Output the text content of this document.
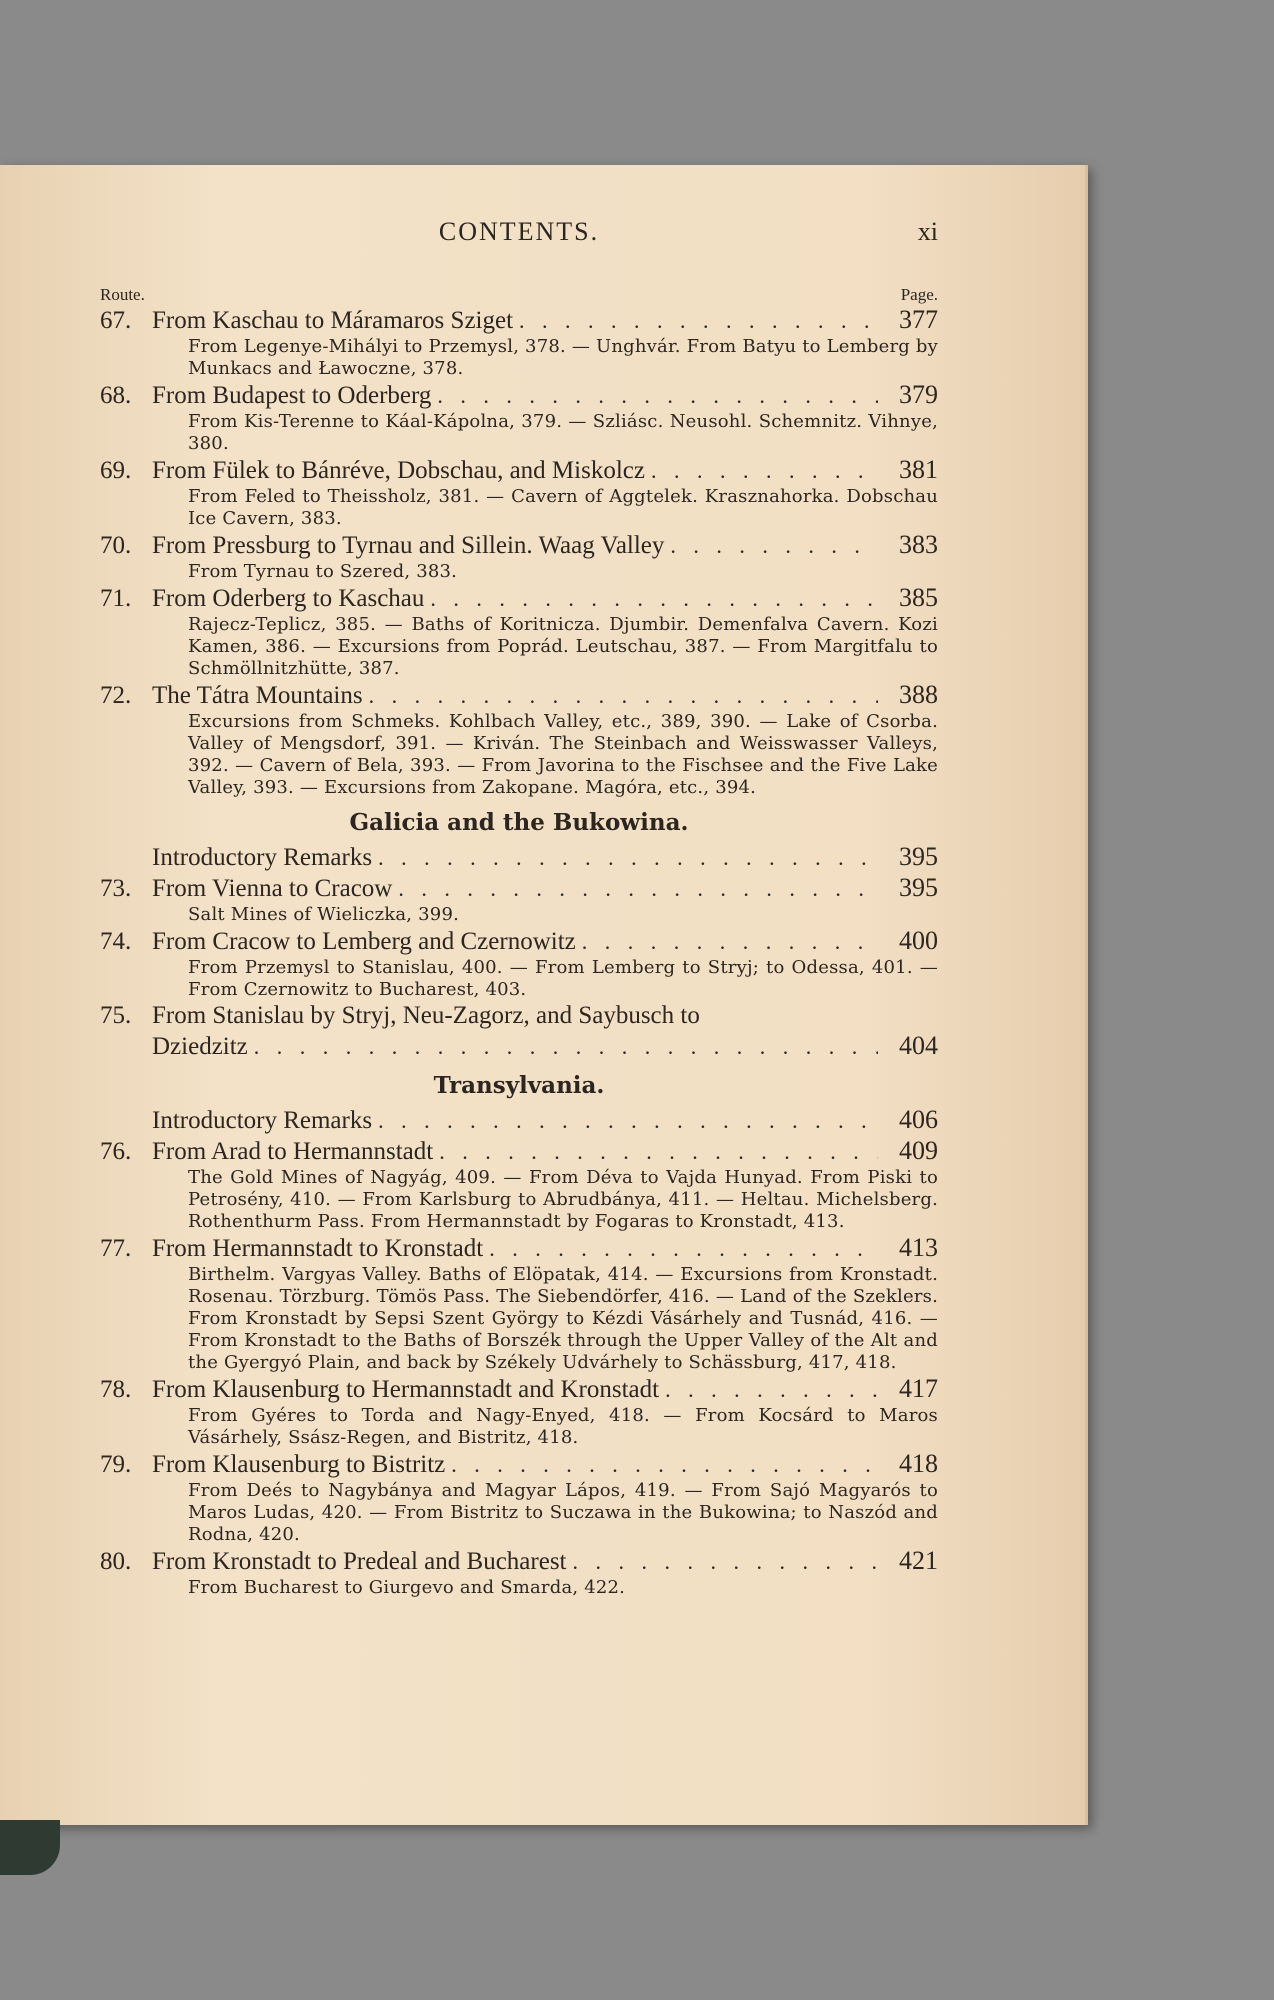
CONTENTS.	xi
Route.	Page.
67. From Kaschau to Máramaros Sziget . . .	377
From Legenye-Mihályi to Przemysl, 378. — Unghvár. From Batyu to Lemberg by Munkacs and Ławoczne, 378.
68. From Budapest to Oderberg . . .	379
From Kis-Terenne to Káal-Kápolna, 379. — Szliásc. Neusohl. Schemnitz. Vihnye, 380.
69. From Fülek to Bánréve, Dobschau, and Miskolcz . . .	381
From Feled to Theissholz, 381. — Cavern of Aggtelek. Krasznahorka. Dobschau Ice Cavern, 383.
70. From Pressburg to Tyrnau and Sillein. Waag Valley . . .	383
From Tyrnau to Szered, 383.
71. From Oderberg to Kaschau . . .	385
Rajecz-Teplicz, 385. — Baths of Koritnicza. Djumbir. Demenfalva Cavern. Kozi Kamen, 386. — Excursions from Poprád. Leutschau, 387. — From Margitfalu to Schmöllnitzhütte, 387.
72. The Tátra Mountains . . .	388
Excursions from Schmeks. Kohlbach Valley, etc., 389, 390. — Lake of Csorba. Valley of Mengsdorf, 391. — Kriván. The Steinbach and Weisswasser Valleys, 392. — Cavern of Bela, 393. — From Javorina to the Fischsee and the Five Lake Valley, 393. — Excursions from Zakopane. Magóra, etc., 394.
Galicia and the Bukowina.
Introductory Remarks . . .	395
73. From Vienna to Cracow . . .	395
Salt Mines of Wieliczka, 399.
74. From Cracow to Lemberg and Czernowitz . . .	400
From Przemysl to Stanislau, 400. — From Lemberg to Stryj; to Odessa, 401. — From Czernowitz to Bucharest, 403.
75. From Stanislau by Stryj, Neu-Zagorz, and Saybusch to
Dziedzitz . . .	404
Transylvania.
Introductory Remarks . . .	406
76. From Arad to Hermannstadt . . .	409
The Gold Mines of Nagyág, 409. — From Déva to Vajda Hunyad. From Piski to Petrosény, 410. — From Karlsburg to Abrudbánya, 411. — Heltau. Michelsberg. Rothenthurm Pass. From Hermannstadt by Fogaras to Kronstadt, 413.
77. From Hermannstadt to Kronstadt . . .	413
Birthelm. Vargyas Valley. Baths of Elöpatak, 414. — Excursions from Kronstadt. Rosenau. Törzburg. Tömös Pass. The Siebendörfer, 416. — Land of the Szeklers. From Kronstadt by Sepsi Szent György to Kézdi Vásárhely and Tusnád, 416. — From Kronstadt to the Baths of Borszék through the Upper Valley of the Alt and the Gyergyó Plain, and back by Székely Udvárhely to Schässburg, 417, 418.
78. From Klausenburg to Hermannstadt and Kronstadt . . .	417
From Gyéres to Torda and Nagy-Enyed, 418. — From Kocsárd to Maros Vásárhely, Ssász-Regen, and Bistritz, 418.
79. From Klausenburg to Bistritz . . .	418
From Deés to Nagybánya and Magyar Lápos, 419. — From Sajó Magyarós to Maros Ludas, 420. — From Bistritz to Suczawa in the Bukowina; to Naszód and Rodna, 420.
80. From Kronstadt to Predeal and Bucharest . . .	421
From Bucharest to Giurgevo and Smarda, 422.
